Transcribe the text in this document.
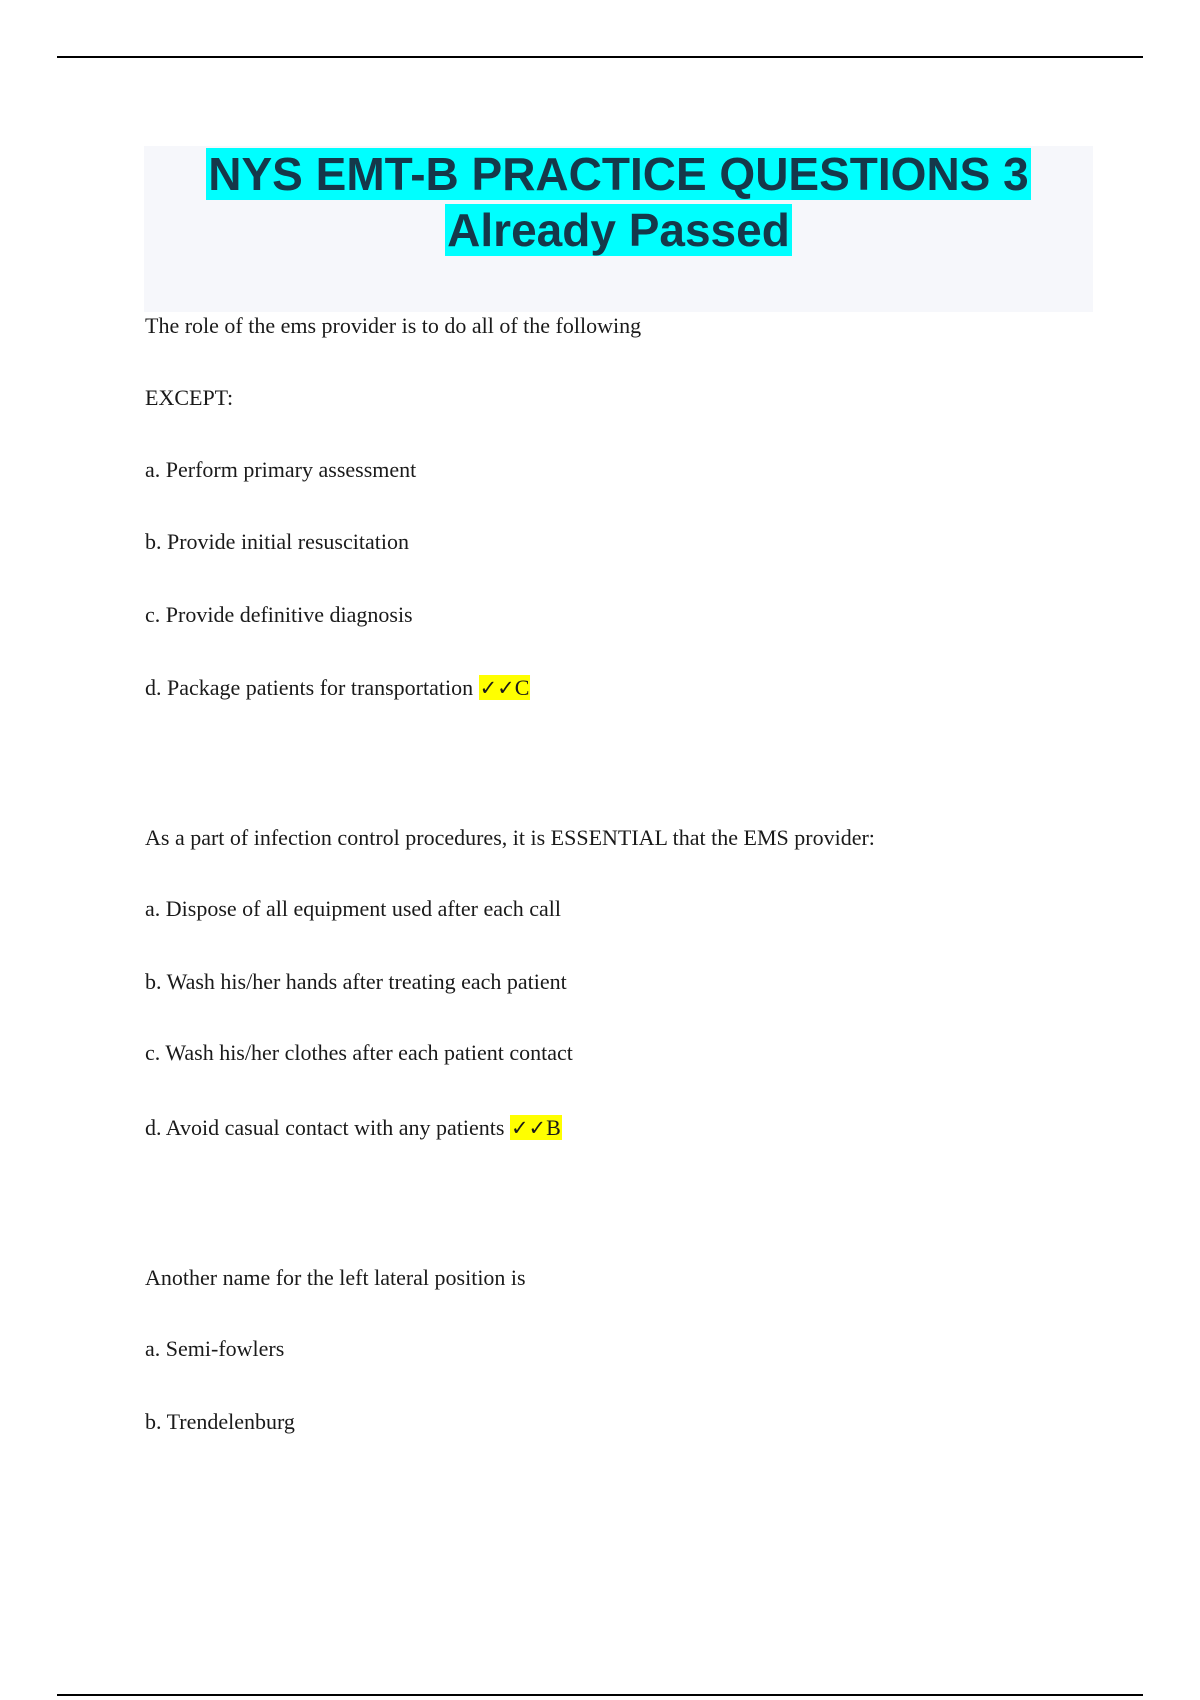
NYS EMT-B PRACTICE QUESTIONS 3
Already Passed
The role of the ems provider is to do all of the following
EXCEPT:
a. Perform primary assessment
b. Provide initial resuscitation
c. Provide definitive diagnosis
d. Package patients for transportation ✓✓C
As a part of infection control procedures, it is ESSENTIAL that the EMS provider:
a. Dispose of all equipment used after each call
b. Wash his/her hands after treating each patient
c. Wash his/her clothes after each patient contact
d. Avoid casual contact with any patients ✓✓B
Another name for the left lateral position is
a. Semi-fowlers
b. Trendelenburg
